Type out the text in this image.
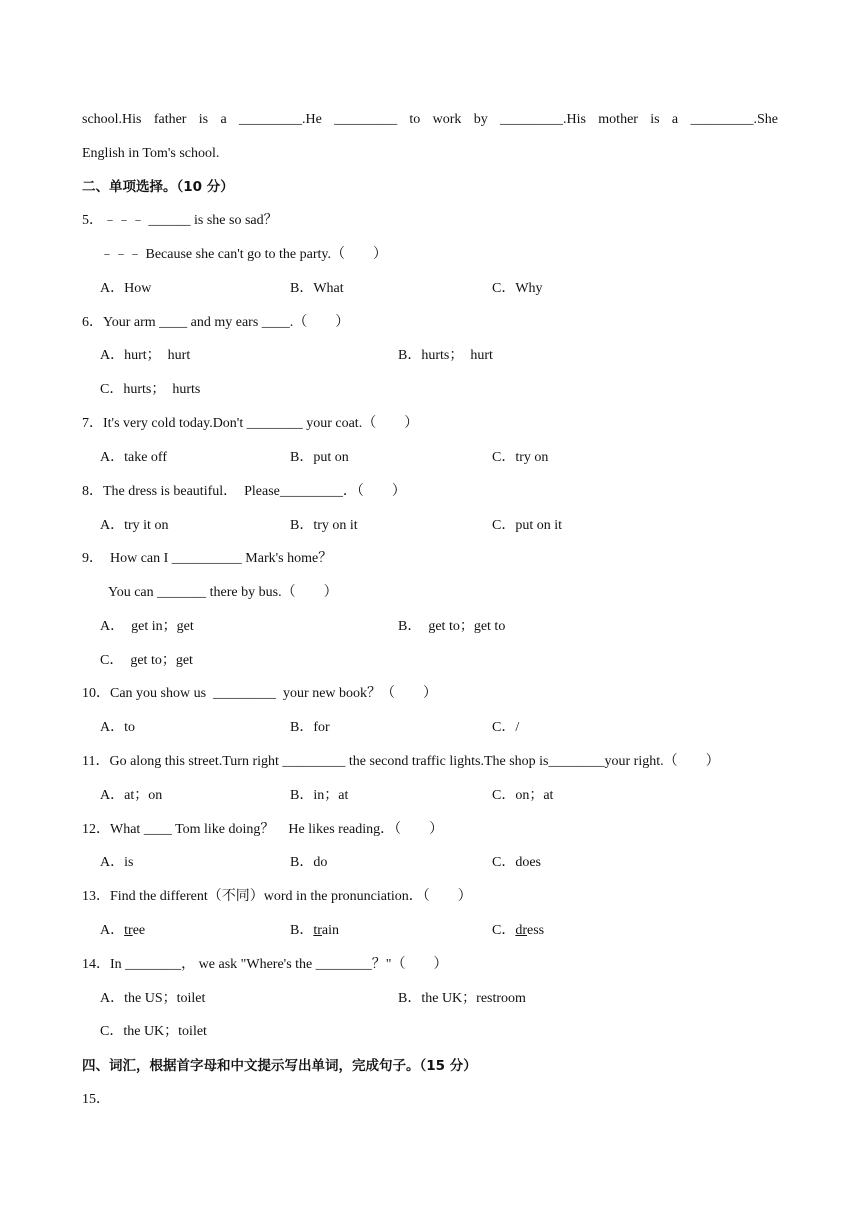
school.His father is a _________.He _________ to work by _________.His mother is a _________.She
English in Tom's school.
二、单项选择。（10 分）
5．﹣﹣﹣ ______ is she so sad？
﹣﹣﹣ Because she can't go to the party.（　　）
A．How	B．What	C．Why
6．Your arm ____ and my ears ____.（　　）
A．hurt；　hurt	B．hurts；　hurt
C．hurts；　hurts
7．It's very cold today.Don't ________ your coat.（　　）
A．take off	B．put on	C．try on
8．The dress is beautiful．　Please_________．（　　）
A．try it on	B．try on it	C．put on it
9．　How can I __________ Mark's home？
You can _______ there by bus.（　　）
A．　get in；get	B．　get to；get to
C．　get to；get
10．Can you show us  _________  your new book？（　　）
A．to	B．for	C．/
11．Go along this street.Turn right _________ the second traffic lights.The shop is________your right.（　　）
A．at；on	B．in；at	C．on；at
12．What ____ Tom like doing？　He likes reading．（　　）
A．is	B．do	C．does
13．Find the different（不同）word in the pronunciation．（　　）
A．tree	B．train	C．dress
14．In ________， we ask "Where's the ________？"（　　）
A．the US；toilet	B．the UK；restroom
C．the UK；toilet
四、词汇，根据首字母和中文提示写出单词，完成句子。（15 分）
15．
